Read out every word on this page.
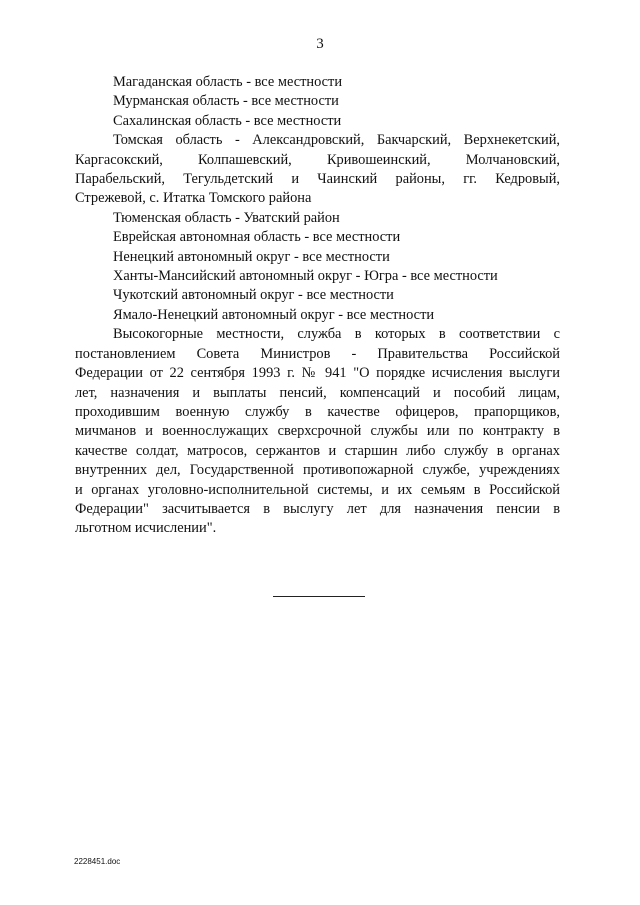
3
Магаданская область - все местности
Мурманская область - все местности
Сахалинская область - все местности
Томская область - Александровский, Бакчарский, Верхнекетский,
Каргасокский, Колпашевский, Кривошеинский, Молчановский,
Парабельский, Тегульдетский и Чаинский районы, гг. Кедровый,
Стрежевой, с. Итатка Томского района
Тюменская область - Уватский район
Еврейская автономная область - все местности
Ненецкий автономный округ - все местности
Ханты-Мансийский автономный округ - Югра - все местности
Чукотский автономный округ - все местности
Ямало-Ненецкий автономный округ - все местности
Высокогорные местности, служба в которых в соответствии с
постановлением Совета Министров - Правительства Российской
Федерации от 22 сентября 1993 г. № 941 "О порядке исчисления выслуги
лет, назначения и выплаты пенсий, компенсаций и пособий лицам,
проходившим военную службу в качестве офицеров, прапорщиков,
мичманов и военнослужащих сверхсрочной службы или по контракту в
качестве солдат, матросов, сержантов и старшин либо службу в органах
внутренних дел, Государственной противопожарной службе, учреждениях
и органах уголовно-исполнительной системы, и их семьям в Российской
Федерации" засчитывается в выслугу лет для назначения пенсии в
льготном исчислении".
2228451.doc
